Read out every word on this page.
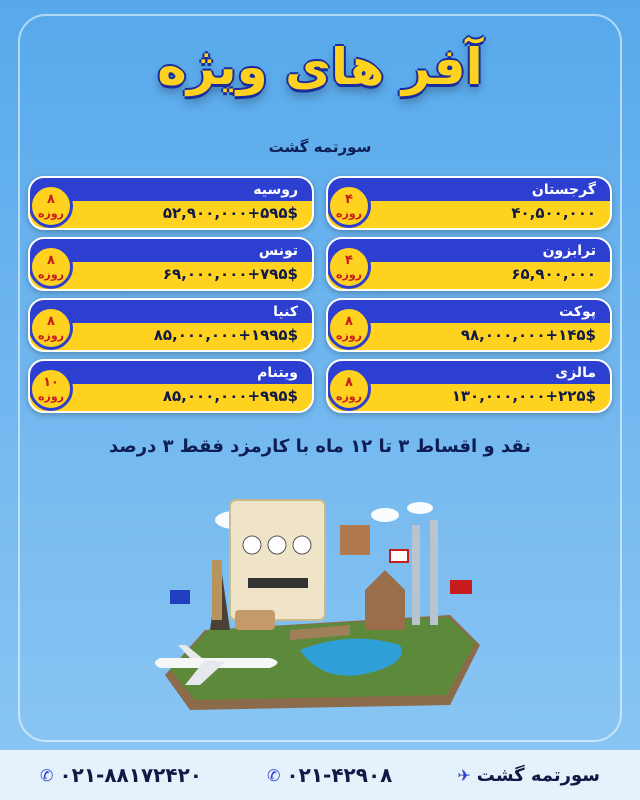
آفر های ویژه
سورتمه گشت
گرجستان
۴۰,۵۰۰,۰۰۰
۴
روزه
ترابزون
۶۵,۹۰۰,۰۰۰
۴
روزه
پوکت
۹۸,۰۰۰,۰۰۰+۱۴۵$
۸
روزه
مالزی
۱۳۰,۰۰۰,۰۰۰+۲۲۵$
۸
روزه
روسیه
۵۲,۹۰۰,۰۰۰+۵۹۵$
۸
روزه
تونس
۶۹,۰۰۰,۰۰۰+۷۹۵$
۸
روزه
کنیا
۸۵,۰۰۰,۰۰۰+۱۹۹۵$
۸
روزه
ویتنام
۸۵,۰۰۰,۰۰۰+۹۹۵$
۱۰
روزه
نقد و اقساط ۳ تا ۱۲ ماه با کارمزد فقط ۳ درصد
سورتمه گشت
✈
✆ ۰۲۱-۴۲۹۰۸
✆ ۰۲۱-۸۸۱۷۲۴۲۰
